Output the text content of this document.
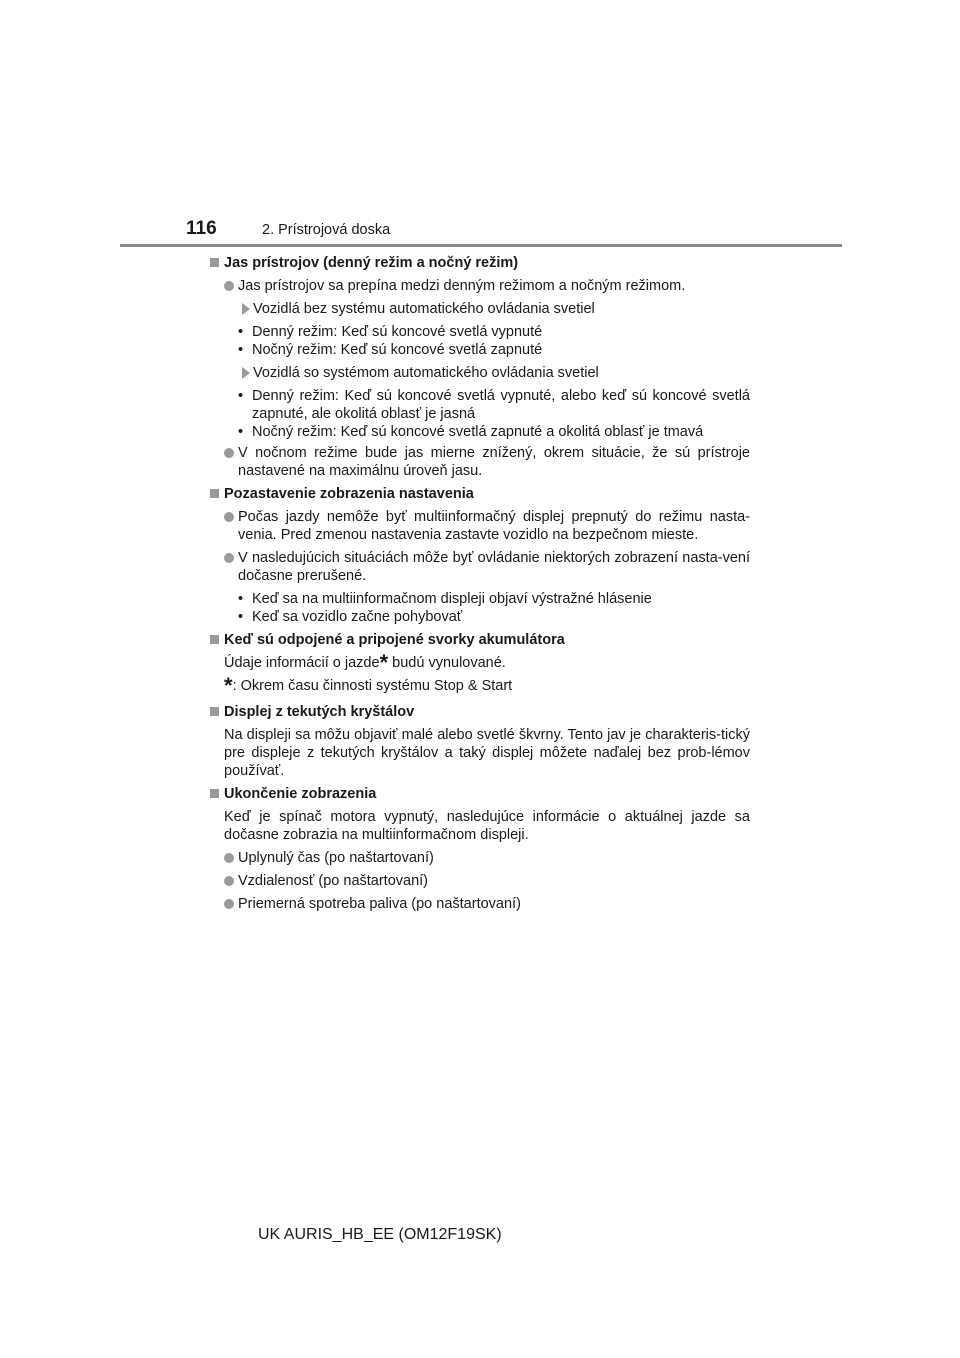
116	2. Prístrojová doska
Jas prístrojov (denný režim a nočný režim)
Jas prístrojov sa prepína medzi denným režimom a nočným režimom.
Vozidlá bez systému automatického ovládania svetiel
• Denný režim: Keď sú koncové svetlá vypnuté
• Nočný režim: Keď sú koncové svetlá zapnuté
Vozidlá so systémom automatického ovládania svetiel
• Denný režim: Keď sú koncové svetlá vypnuté, alebo keď sú koncové svetlá zapnuté, ale okolitá oblasť je jasná
• Nočný režim: Keď sú koncové svetlá zapnuté a okolitá oblasť je tmavá
V nočnom režime bude jas mierne znížený, okrem situácie, že sú prístroje nastavené na maximálnu úroveň jasu.
Pozastavenie zobrazenia nastavenia
Počas jazdy nemôže byť multiinformačný displej prepnutý do režimu nasta-venia. Pred zmenou nastavenia zastavte vozidlo na bezpečnom mieste.
V nasledujúcich situáciách môže byť ovládanie niektorých zobrazení nasta-vení dočasne prerušené.
• Keď sa na multiinformačnom displeji objaví výstražné hlásenie
• Keď sa vozidlo začne pohybovať
Keď sú odpojené a pripojené svorky akumulátora
Údaje informácií o jazde* budú vynulované.
*: Okrem času činnosti systému Stop & Start
Displej z tekutých kryštálov
Na displeji sa môžu objaviť malé alebo svetlé škvrny. Tento jav je charakteris-tický pre displeje z tekutých kryštálov a taký displej môžete naďalej bez prob-lémov používať.
Ukončenie zobrazenia
Keď je spínač motora vypnutý, nasledujúce informácie o aktuálnej jazde sa dočasne zobrazia na multiinformačnom displeji.
Uplynulý čas (po naštartovaní)
Vzdialenosť (po naštartovaní)
Priemerná spotreba paliva (po naštartovaní)
UK AURIS_HB_EE (OM12F19SK)
